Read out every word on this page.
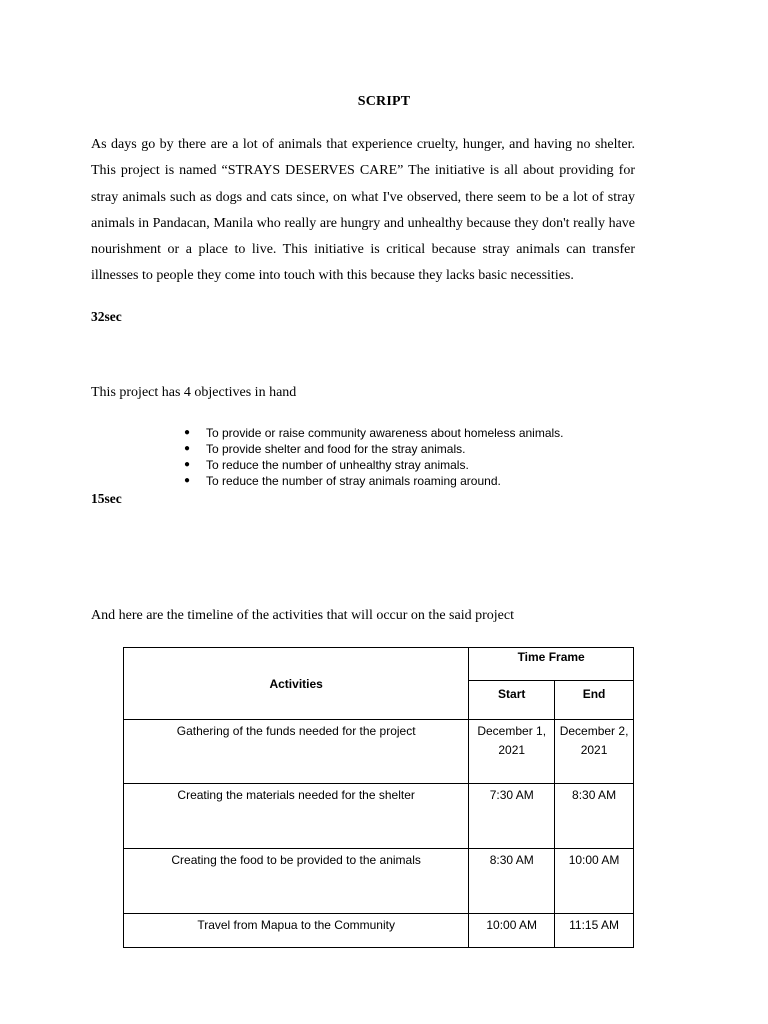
SCRIPT
As days go by there are a lot of animals that experience cruelty, hunger, and having no shelter. This project is named “STRAYS DESERVES CARE” The initiative is all about providing for stray animals such as dogs and cats since, on what I've observed, there seem to be a lot of stray animals in Pandacan, Manila who really are hungry and unhealthy because they don't really have nourishment or a place to live. This initiative is critical because stray animals can transfer illnesses to people they come into touch with this because they lacks basic necessities.
32sec
This project has 4 objectives in hand
● To provide or raise community awareness about homeless animals.
● To provide shelter and food for the stray animals.
● To reduce the number of unhealthy stray animals.
● To reduce the number of stray animals roaming around.
15sec
And here are the timeline of the activities that will occur on the said project
Activities	Time Frame	
	Start	End
Gathering of the funds needed for the project	December 1, 2021	December 2, 2021
Creating the materials needed for the shelter	7:30 AM	8:30 AM
Creating the food to be provided to the animals	8:30 AM	10:00 AM
Travel from Mapua to the Community	10:00 AM	11:15 AM
